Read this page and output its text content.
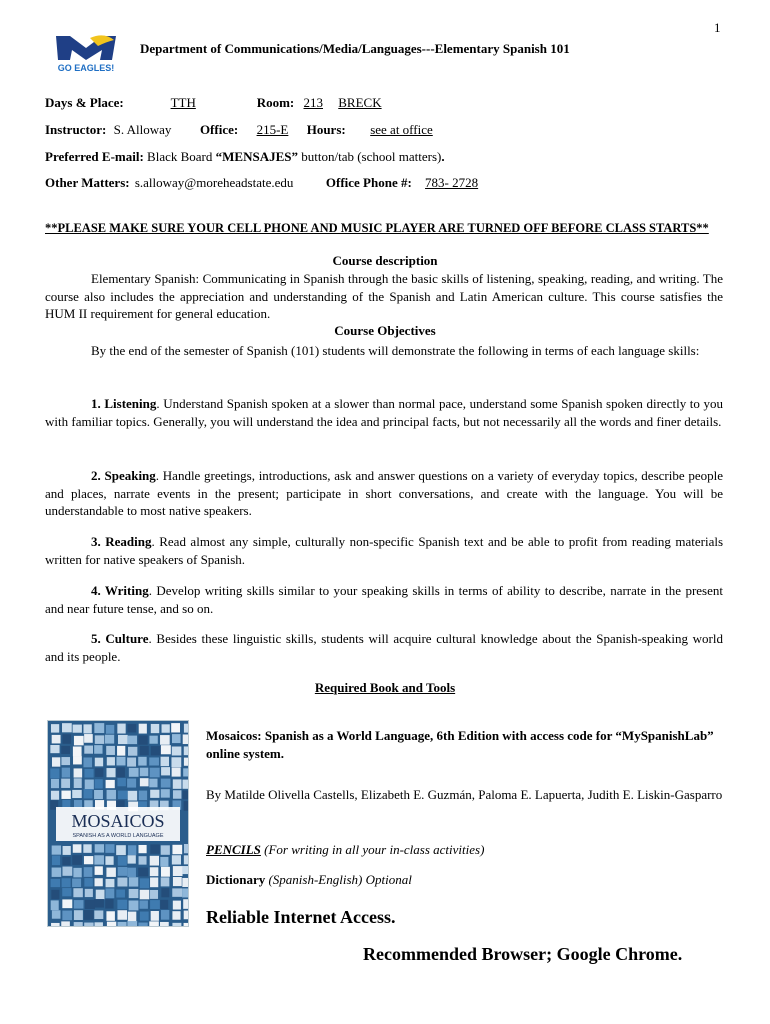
1
GO EAGLES!
Department of Communications/Media/Languages---Elementary Spanish 101
Days & Place:	TTH	Room: 213 BRECK
Instructor: S. Alloway Office: 215-E Hours: see at office
Preferred E-mail: Black Board “MENSAJES” button/tab (school matters).
Other Matters: s.alloway@moreheadstate.edu	Office Phone #: 783- 2728
**PLEASE MAKE SURE YOUR CELL PHONE AND MUSIC PLAYER ARE TURNED OFF BEFORE CLASS STARTS**
Course description
Elementary Spanish: Communicating in Spanish through the basic skills of listening, speaking, reading, and writing. The course also includes the appreciation and understanding of the Spanish and Latin American culture. This course satisfies the HUM II requirement for general education.
Course Objectives
By the end of the semester of Spanish (101) students will demonstrate the following in terms of each language skills:
1. Listening. Understand Spanish spoken at a slower than normal pace, understand some Spanish spoken directly to you with familiar topics. Generally, you will understand the idea and principal facts, but not necessarily all the words and finer details.
2. Speaking. Handle greetings, introductions, ask and answer questions on a variety of everyday topics, describe people and places, narrate events in the present; participate in short conversations, and create with the language. You will be understandable to most native speakers.
3. Reading. Read almost any simple, culturally non-specific Spanish text and be able to profit from reading materials written for native speakers of Spanish.
4. Writing. Develop writing skills similar to your speaking skills in terms of ability to describe, narrate in the present and near future tense, and so on.
5. Culture. Besides these linguistic skills, students will acquire cultural knowledge about the Spanish-speaking world and its people.
Required Book and Tools
MOSAICOS
SPANISH AS A WORLD LANGUAGE
Mosaicos: Spanish as a World Language, 6th Edition with access code for “MySpanishLab” online system.
By Matilde Olivella Castells, Elizabeth E. Guzmán, Paloma E. Lapuerta, Judith E. Liskin-Gasparro
PENCILS (For writing in all your in-class activities)
Dictionary (Spanish-English) Optional
Reliable Internet Access.
Recommended Browser; Google Chrome.
